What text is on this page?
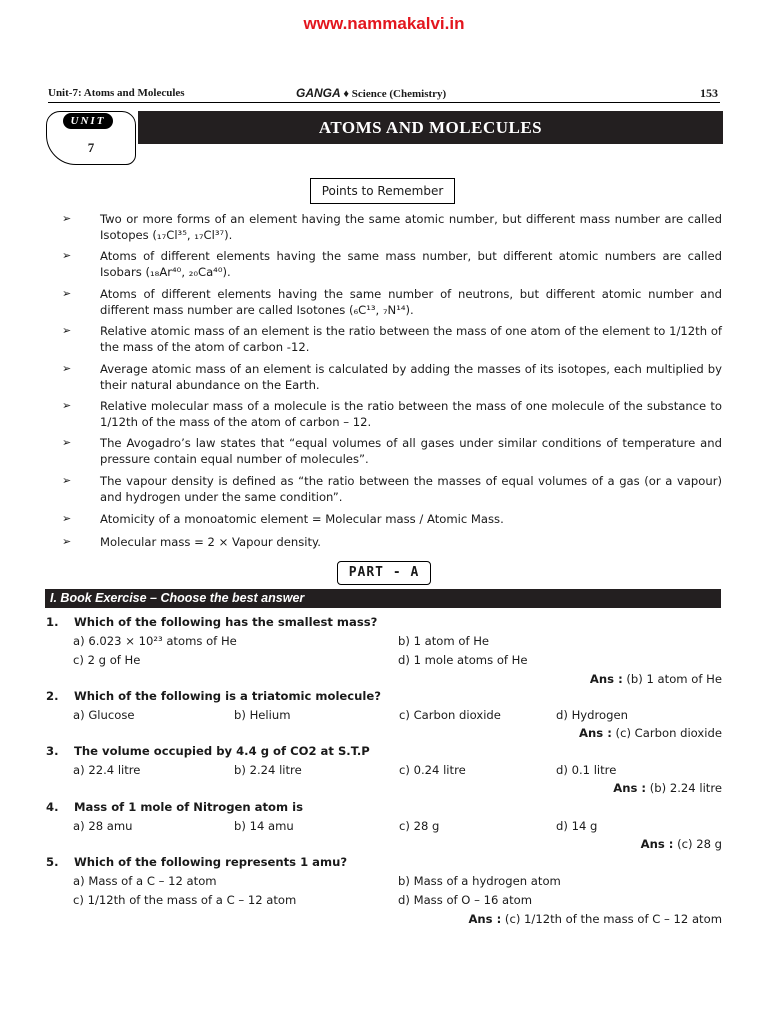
www.nammakalvi.in
Unit-7: Atoms and Molecules	GANGA ♦ Science (Chemistry)	153
UNIT
7
ATOMS AND MOLECULES
Points to Remember
➢ Two or more forms of an element having the same atomic number, but different mass number are called Isotopes (₁₇Cl³⁵, ₁₇Cl³⁷).
➢ Atoms of different elements having the same mass number, but different atomic numbers are called Isobars (₁₈Ar⁴⁰, ₂₀Ca⁴⁰).
➢ Atoms of different elements having the same number of neutrons, but different atomic number and different mass number are called Isotones (₆C¹³, ₇N¹⁴).
➢ Relative atomic mass of an element is the ratio between the mass of one atom of the element to 1/12th of the mass of the atom of carbon -12.
➢ Average atomic mass of an element is calculated by adding the masses of its isotopes, each multiplied by their natural abundance on the Earth.
➢ Relative molecular mass of a molecule is the ratio between the mass of one molecule of the substance to 1/12th of the mass of the atom of carbon – 12.
➢ The Avogadro’s law states that “equal volumes of all gases under similar conditions of temperature and pressure contain equal number of molecules”.
➢ The vapour density is defined as “the ratio between the masses of equal volumes of a gas (or a vapour) and hydrogen under the same condition”.
➢ Atomicity of a monoatomic element = Molecular mass / Atomic Mass.
➢ Molecular mass = 2 × Vapour density.
PART - A
I. Book Exercise – Choose the best answer
1. Which of the following has the smallest mass?
a) 6.023 × 10²³ atoms of He	b) 1 atom of He
c) 2 g of He	d) 1 mole atoms of He
Ans : (b) 1 atom of He
2. Which of the following is a triatomic molecule?
a) Glucose	b) Helium	c) Carbon dioxide	d) Hydrogen
Ans : (c) Carbon dioxide
3. The volume occupied by 4.4 g of CO2 at S.T.P
a) 22.4 litre	b) 2.24 litre	c) 0.24 litre	d) 0.1 litre
Ans : (b) 2.24 litre
4. Mass of 1 mole of Nitrogen atom is
a) 28 amu	b) 14 amu	c) 28 g	d) 14 g
Ans : (c) 28 g
5. Which of the following represents 1 amu?
a) Mass of a C – 12 atom	b) Mass of a hydrogen atom
c) 1/12th of the mass of a C – 12 atom	d) Mass of O – 16 atom
Ans : (c) 1/12th of the mass of C – 12 atom
